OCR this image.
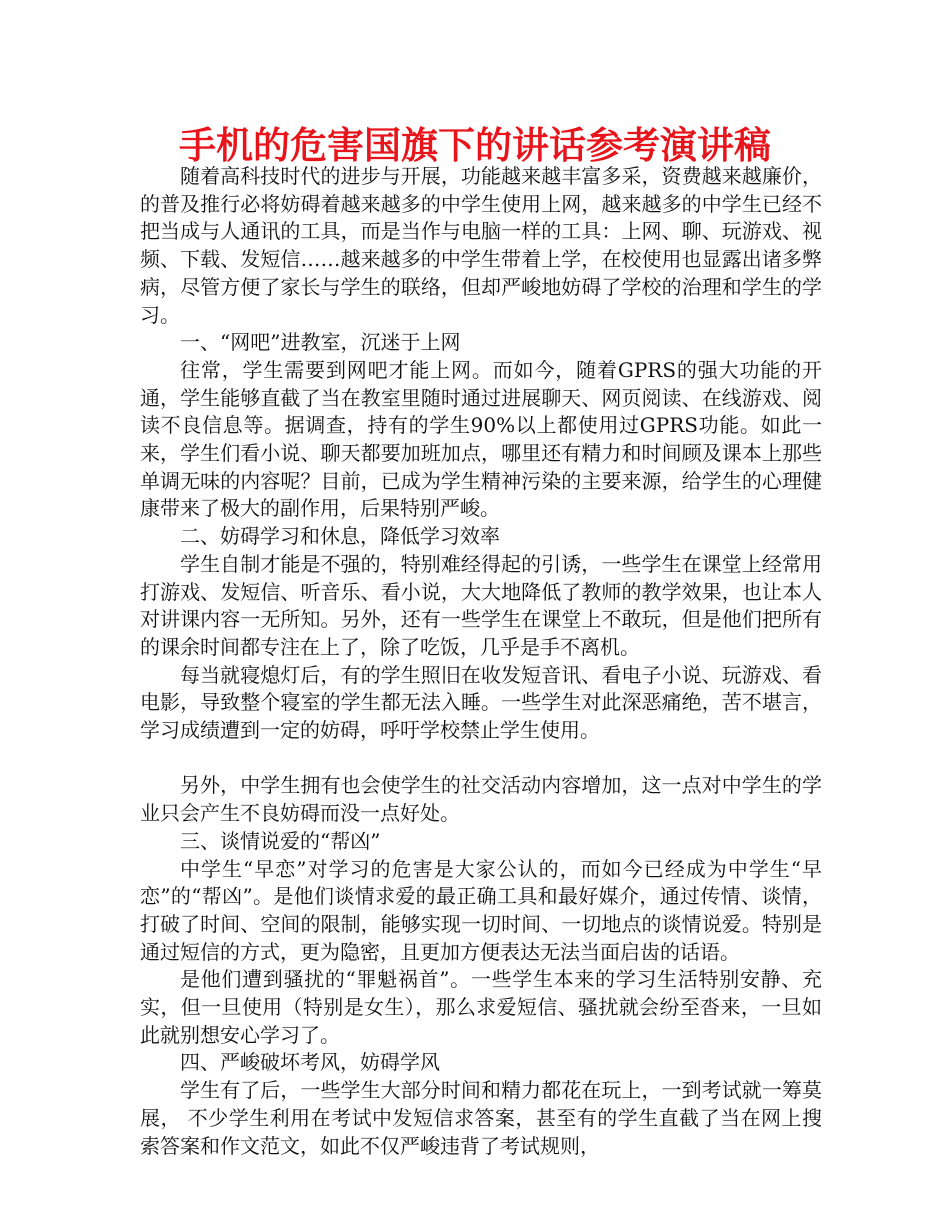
手机的危害国旗下的讲话参考演讲稿

随着高科技时代的进步与开展，功能越来越丰富多采，资费越来越廉价，的普及推行必将妨碍着越来越多的中学生使用上网，越来越多的中学生已经不把当成与人通讯的工具，而是当作与电脑一样的工具：上网、聊、玩游戏、视频、下载、发短信……越来越多的中学生带着上学，在校使用也显露出诸多弊病，尽管方便了家长与学生的联络，但却严峻地妨碍了学校的治理和学生的学习。

一、“网吧”进教室，沉迷于上网

往常，学生需要到网吧才能上网。而如今，随着GPRS的强大功能的开通，学生能够直截了当在教室里随时通过进展聊天、网页阅读、在线游戏、阅读不良信息等。据调查，持有的学生90%以上都使用过GPRS功能。如此一来，学生们看小说、聊天都要加班加点，哪里还有精力和时间顾及课本上那些单调无味的内容呢？目前，已成为学生精神污染的主要来源，给学生的心理健康带来了极大的副作用，后果特别严峻。

二、妨碍学习和休息，降低学习效率

学生自制才能是不强的，特别难经得起的引诱，一些学生在课堂上经常用打游戏、发短信、听音乐、看小说，大大地降低了教师的教学效果，也让本人对讲课内容一无所知。另外，还有一些学生在课堂上不敢玩，但是他们把所有的课余时间都专注在上了，除了吃饭，几乎是手不离机。

每当就寝熄灯后，有的学生照旧在收发短音讯、看电子小说、玩游戏、看电影，导致整个寝室的学生都无法入睡。一些学生对此深恶痛绝，苦不堪言，学习成绩遭到一定的妨碍，呼吁学校禁止学生使用。

另外，中学生拥有也会使学生的社交活动内容增加，这一点对中学生的学业只会产生不良妨碍而没一点好处。

三、谈情说爱的“帮凶”

中学生“早恋”对学习的危害是大家公认的，而如今已经成为中学生“早恋”的“帮凶”。是他们谈情求爱的最正确工具和最好媒介，通过传情、谈情，打破了时间、空间的限制，能够实现一切时间、一切地点的谈情说爱。特别是通过短信的方式，更为隐密，且更加方便表达无法当面启齿的话语。

是他们遭到骚扰的“罪魁祸首”。一些学生本来的学习生活特别安静、充实，但一旦使用（特别是女生），那么求爱短信、骚扰就会纷至沓来，一旦如此就别想安心学习了。

四、严峻破坏考风，妨碍学风

学生有了后，一些学生大部分时间和精力都花在玩上，一到考试就一筹莫展， 不少学生利用在考试中发短信求答案，甚至有的学生直截了当在网上搜索答案和作文范文，如此不仅严峻违背了考试规则，
